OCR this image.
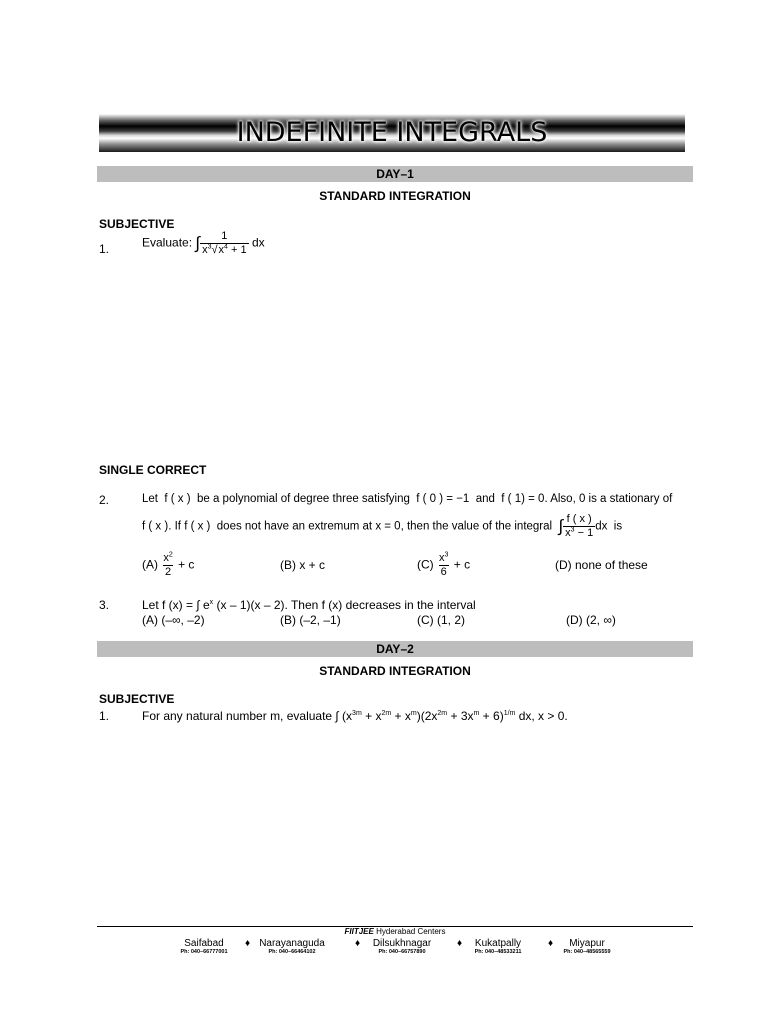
INDEFINITE INTEGRALS
DAY–1
STANDARD INTEGRATION
SUBJECTIVE
1.	Evaluate: ∫ $\frac{1}{x^3√x^4 + 1}$ dx
SINGLE CORRECT
2.	Let f ( x ) be a polynomial of degree three satisfying f ( 0 ) = −1 and f ( 1) = 0. Also, 0 is a stationary of
f ( x ). If f ( x ) does not have an extremum at x = 0, then the value of the integral ∫ $\frac{f ( x )}{x^3 - 1}$ dx is
$(A) \frac{x^2}{2} + c$	(B) x + c	$(C) \frac{x^3}{6} + c$	(D) none of these
3.	Let f (x) = ∫ $e^x$ (x – 1)(x – 2). Then f (x) decreases in the interval
(A) (–∞, –2)	(B) (–2, –1)	(C) (1, 2)	(D) (2, ∞)
DAY–2
STANDARD INTEGRATION
SUBJECTIVE
1.	For any natural number m, evaluate ∫ $(x^{3m} + x^{2m} + x^m)(2x^{2m} + 3x^m + 6)^{1/m}$ dx, x > 0.
FIITJEE Hyderabad Centers
Saifabad
Ph: 040–66777001
♦ Narayanaguda
Ph: 040–66464102
♦	Dilsukhnagar
Ph: 040–66757890
♦	Kukatpally
Ph: 040–48533211
♦	Miyapur
Ph: 040–48565559
